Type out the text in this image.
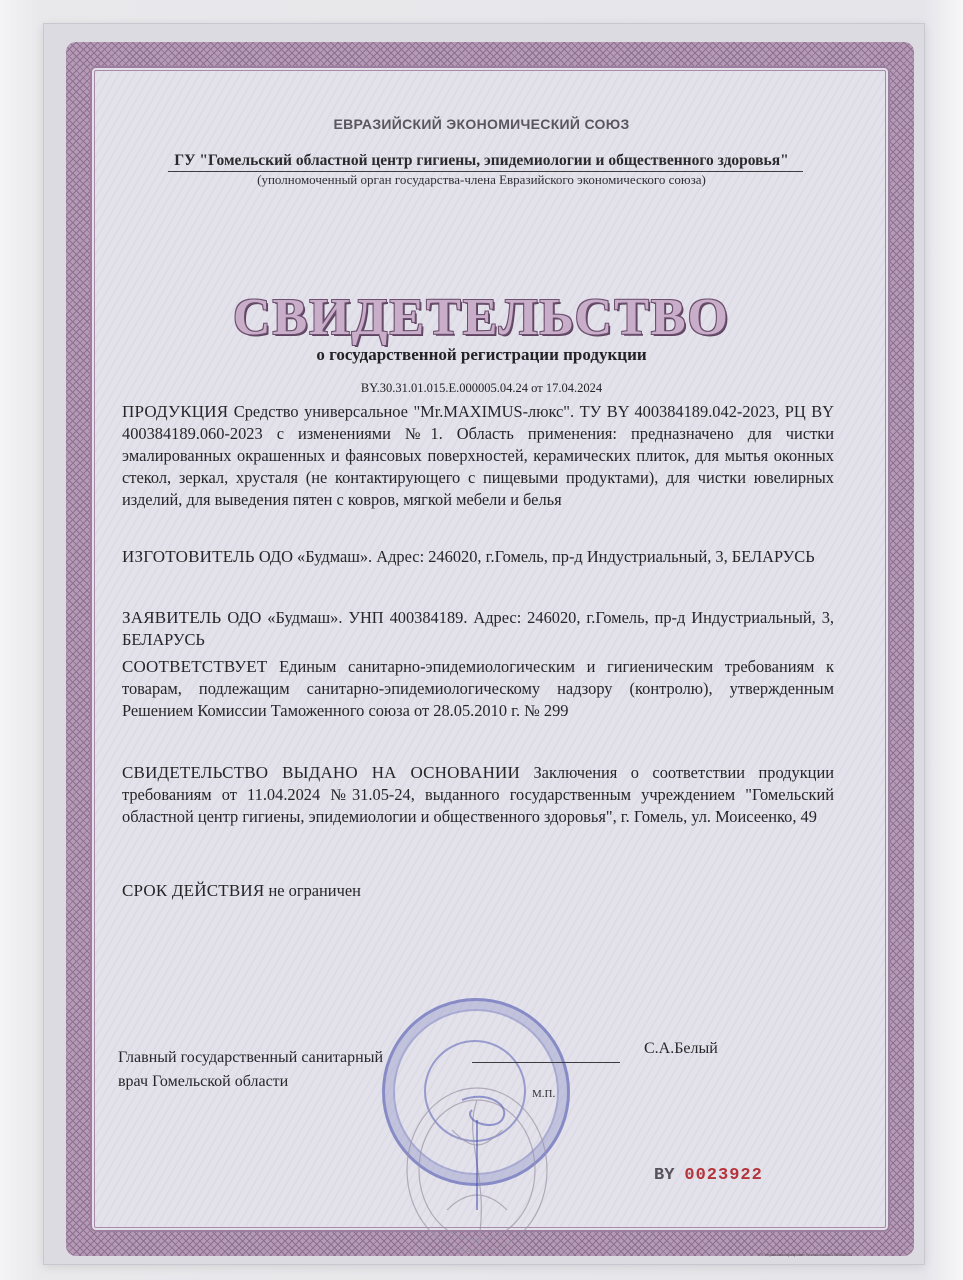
ЕВРАЗИЙСКИЙ ЭКОНОМИЧЕСКИЙ СОЮЗ
ГУ "Гомельский областной центр гигиены, эпидемиологии и общественного здоровья"
(уполномоченный орган государства-члена Евразийского экономического союза)
СВИДЕТЕЛЬСТВО
о государственной регистрации продукции
BY.30.31.01.015.E.000005.04.24 от 17.04.2024
ПРОДУКЦИЯ Средство универсальное "Mr.MAXIMUS-люкс". ТУ BY 400384189.042-2023, РЦ BY 400384189.060-2023 с изменениями №1. Область применения: предназначено для чистки эмалированных окрашенных и фаянсовых поверхностей, керамических плиток, для мытья оконных стекол, зеркал, хрусталя (не контактирующего с пищевыми продуктами), для чистки ювелирных изделий, для выведения пятен с ковров, мягкой мебели и белья
ИЗГОТОВИТЕЛЬ ОДО «Будмаш». Адрес: 246020, г.Гомель, пр-д Индустриальный, 3, БЕЛАРУСЬ
ЗАЯВИТЕЛЬ ОДО «Будмаш». УНП 400384189. Адрес: 246020, г.Гомель, пр-д Индустриальный, 3, БЕЛАРУСЬ
СООТВЕТСТВУЕТ Единым санитарно-эпидемиологическим и гигиеническим требованиям к товарам, подлежащим санитарно-эпидемиологическому надзору (контролю), утвержденным Решением Комиссии Таможенного союза от 28.05.2010 г. № 299
СВИДЕТЕЛЬСТВО ВЫДАНО НА ОСНОВАНИИ Заключения о соответствии продукции требованиям от 11.04.2024 №31.05-24, выданного государственным учреждением "Гомельский областной центр гигиены, эпидемиологии и общественного здоровья", г. Гомель, ул. Моисеенко, 49
СРОК ДЕЙСТВИЯ не ограничен
Главный государственный санитарный
врач Гомельской области
С.А.Белый
М.П.
BY 0023922
УП «Бумажная фабрика» Гознака. зак. 1794п-2021
